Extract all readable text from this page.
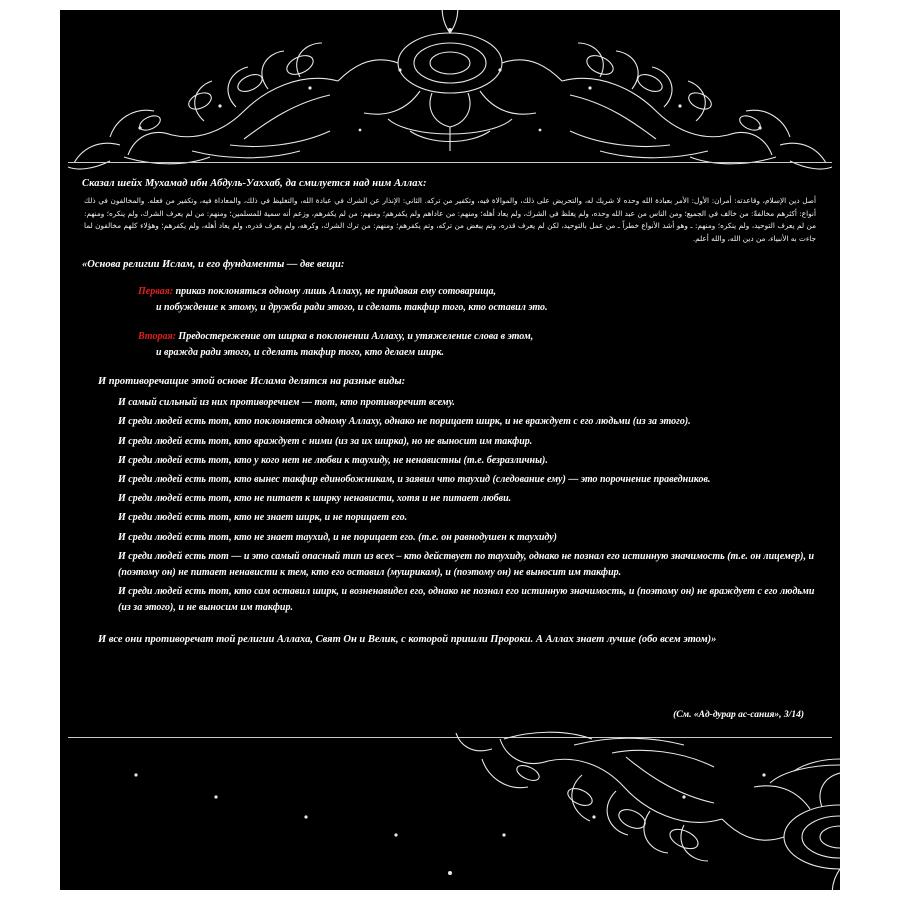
Сказал шейх Мухамад ибн Абдуль-Уаххаб, да смилуется над ним Аллах:

أصل دين الإسلام، وقاعدته: أمران: الأول: الأمر بعبادة الله وحده لا شريك له، والتحريض على ذلك، والموالاة فيه، وتكفير من تركه. الثاني: الإنذار عن الشرك في عبادة الله، والتغليظ في ذلك، والمعاداة فيه، وتكفير من فعله. والمخالفون في ذلك أنواع: أكثرهم مخالفةً: من خالف في الجميع؛ ومن الناس من عبد الله وحده، ولم يغلظ في الشرك، ولم يعاد أهله؛ ومنهم: من عاداهم ولم يكفرهم؛ ومنهم: من لم يكفرهم، وزعم أنه سمية للمسلمين؛ ومنهم: من لم يعرف الشرك، ولم ينكره؛ ومنهم: من لم يعرف التوحيد، ولم ينكره؛ ومنهم: ـ وهو أشد الأنواع خطراً ـ من عمل بالتوحيد، لكن لم يعرف قدره، وتم يبغض من تركه، وتم يكفرهم؛ ومنهم: من ترك الشرك، وكرهه، ولم يعرف قدره، ولم يعاد أهله، ولم يكفرهم؛ وهؤلاء كلهم مخالفون لما جاءت به الأنبياء، من دين الله، والله أعلم.

«Основа религии Ислам, и его фундаменты — две вещи:

Первая: приказ поклоняться одному лишь Аллаху, не придавая ему сотоварища,
и побуждение к этому, и дружба ради этого, и сделать такфир того, кто оставил это.
Вторая: Предостережение от ширка в поклонении Аллаху, и утяжеление слова в этом,
и вражда ради этого, и сделать такфир того, кто делаем ширк.

И противоречащие этой основе Ислама делятся на разные виды:

И самый сильный из них противоречием — тот, кто противоречит всему.
И среди людей есть тот, кто поклоняется одному Аллаху, однако не порицает ширк, и не враждует с его людьми (из за этого).
И среди людей есть тот, кто враждует с ними (из за их ширка), но не выносит им такфир.
И среди людей есть тот, кто у кого нет не любви к таухиду, не ненавистны (т.е. безразличны).
И среди людей есть тот, кто вынес такфир единобожникам, и заявил что таухид (следование ему) — это порочнение праведников.
И среди людей есть тот, кто не питает к ширку ненависти, хотя и не питает любви.
И среди людей есть тот, кто не знает ширк, и не порицает его.
И среди людей есть тот, кто не знает таухид, и не порицает его. (т.е. он равнодушен к таухиду)
И среди людей есть тот — и это самый опасный тип из всех – кто действует по таухиду, однако не познал его истинную значимость (т.е. он лицемер), и (поэтому он) не питает ненависти к тем, кто его оставил (мушрикам), и (поэтому он) не выносит им такфир.
И среди людей есть тот, кто сам оставил ширк, и возненавидел его, однако не познал его истинную значимость, и (поэтому он) не враждует с его людьми (из за этого), и не выносим им такфир.

И все они противоречат той религии Аллаха, Свят Он и Велик, с которой пришли Пророки. А Аллах знает лучше (обо всем этом)»

(См. «Ад-дурар ас-сания», 3/14)
